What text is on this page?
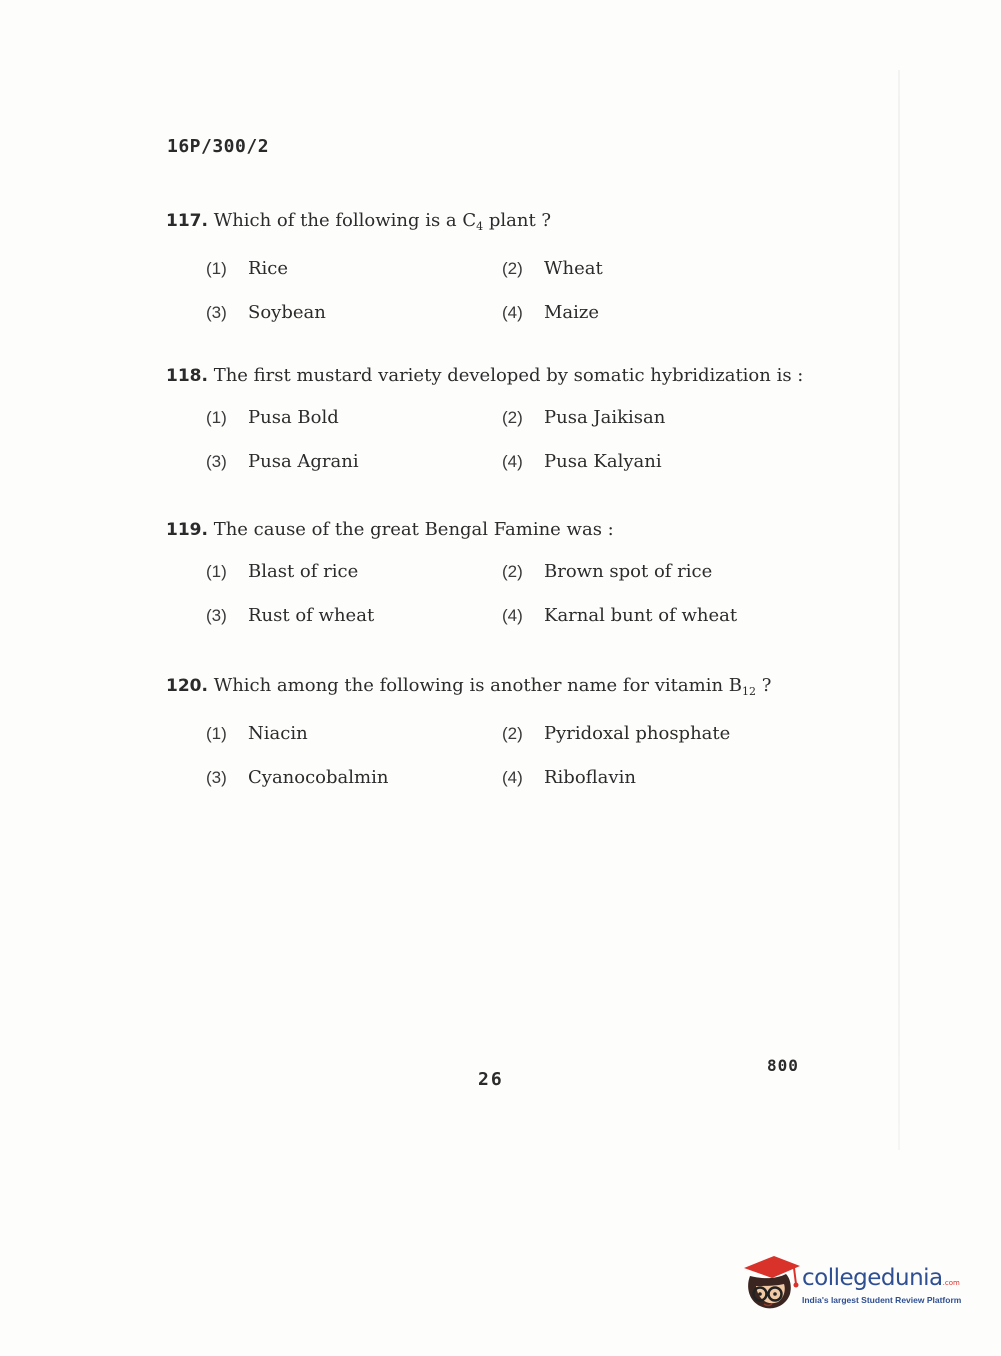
16P/300/2
117. Which of the following is a $C_4$ plant ?
(1)	Rice	(2)	Wheat
(3)	Soybean	(4)	Maize
118. The first mustard variety developed by somatic hybridization is :
(1)	Pusa Bold	(2)	Pusa Jaikisan
(3)	Pusa Agrani	(4)	Pusa Kalyani
119. The cause of the great Bengal Famine was :
(1)	Blast of rice	(2)	Brown spot of rice
(3)	Rust of wheat	(4)	Karnal bunt of wheat
120. Which among the following is another name for vitamin $B_{12}$ ?
(1)	Niacin	(2)	Pyridoxal phosphate
(3)	Cyanocobalmin	(4)	Riboflavin
26
800
collegedunia.com
India's largest Student Review Platform
